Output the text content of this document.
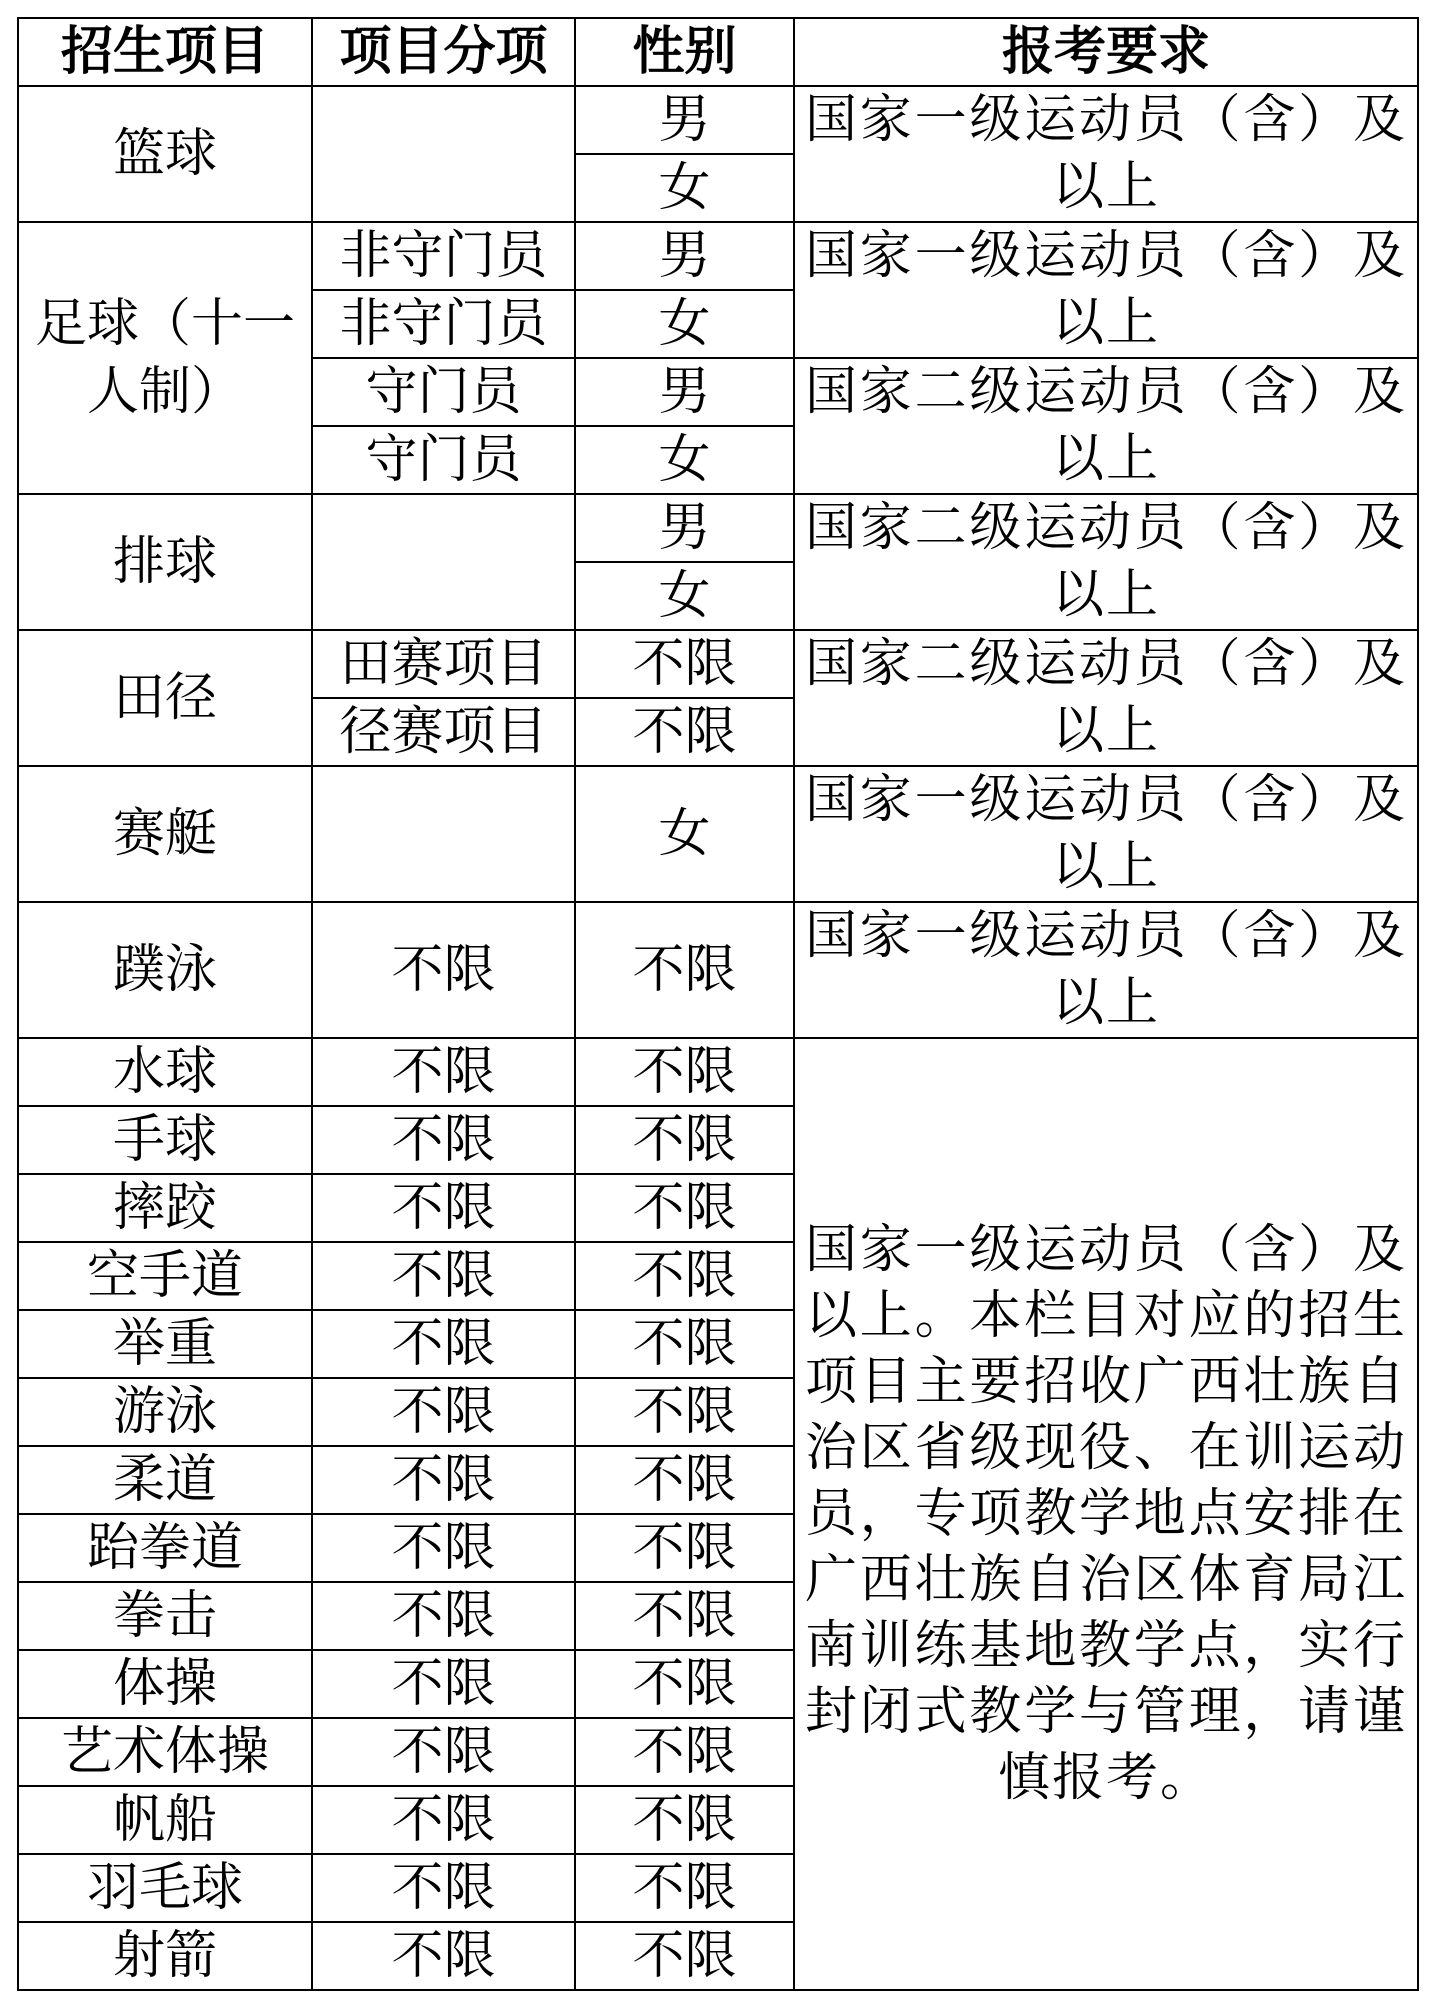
招生项目	项目分项	性别	报考要求
篮球		男	国家一级运动员（含）及以上
		女	
足球（十一人制）	非守门员	男	国家一级运动员（含）及以上
	非守门员	女	
	守门员	男	国家二级运动员（含）及以上
	守门员	女	
排球		男	国家二级运动员（含）及以上
		女	
田径	田赛项目	不限	国家二级运动员（含）及以上
	径赛项目	不限	
赛艇		女	国家一级运动员（含）及以上
蹼泳	不限	不限	国家一级运动员（含）及以上
水球	不限	不限	国家一级运动员（含）及以上。本栏目对应的招生项目主要招收广西壮族自治区省级现役、在训运动员，专项教学地点安排在广西壮族自治区体育局江南训练基地教学点，实行封闭式教学与管理，请谨慎报考。
手球	不限	不限	
摔跤	不限	不限	
空手道	不限	不限	
举重	不限	不限	
游泳	不限	不限	
柔道	不限	不限	
跆拳道	不限	不限	
拳击	不限	不限	
体操	不限	不限	
艺术体操	不限	不限	
帆船	不限	不限	
羽毛球	不限	不限	
射箭	不限	不限	
